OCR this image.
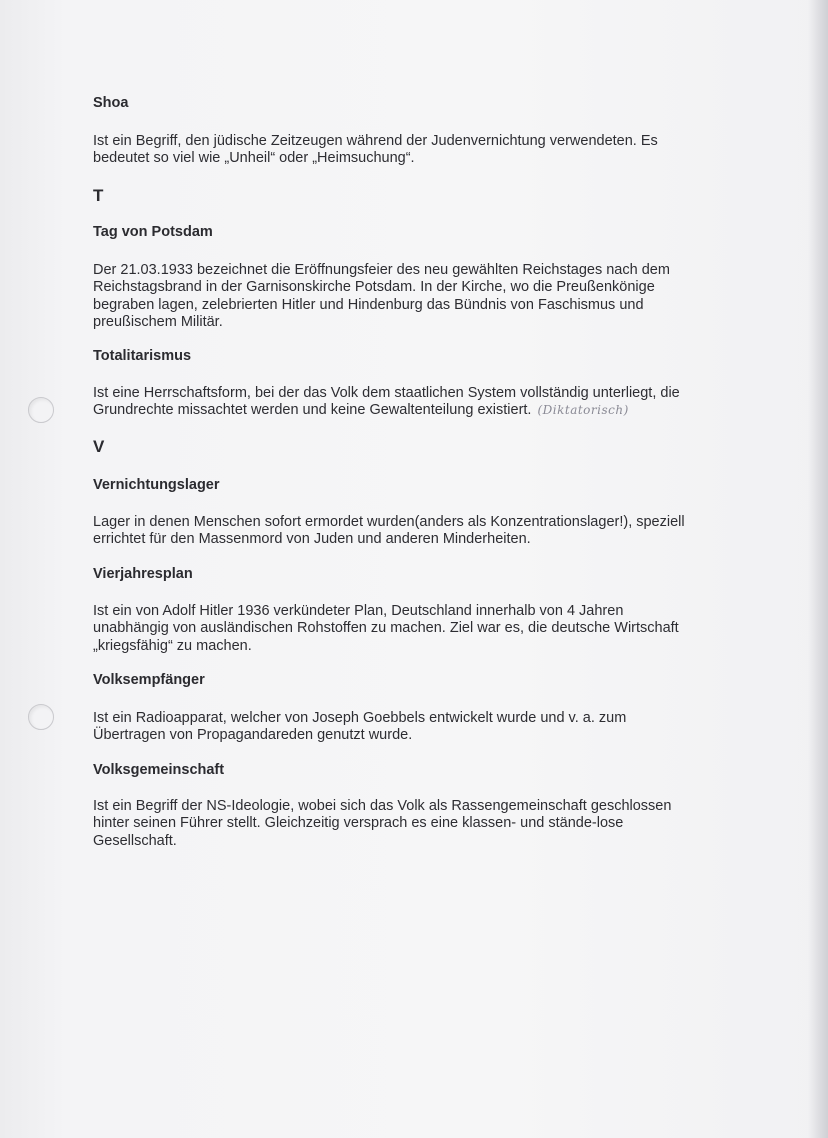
Shoa
Ist ein Begriff, den jüdische Zeitzeugen während der Judenvernichtung verwendeten. Es
bedeutet so viel wie „Unheil“ oder „Heimsuchung“.
T
Tag von Potsdam
Der 21.03.1933 bezeichnet die Eröffnungsfeier des neu gewählten Reichstages nach dem
Reichstagsbrand in der Garnisonskirche Potsdam. In der Kirche, wo die Preußenkönige
begraben lagen, zelebrierten Hitler und Hindenburg das Bündnis von Faschismus und
preußischem Militär.
Totalitarismus
Ist eine Herrschaftsform, bei der das Volk dem staatlichen System vollständig unterliegt, die
Grundrechte missachtet werden und keine Gewaltenteilung existiert. (Diktatorisch)
V
Vernichtungslager
Lager in denen Menschen sofort ermordet wurden(anders als Konzentrationslager!), speziell
errichtet für den Massenmord von Juden und anderen Minderheiten.
Vierjahresplan
Ist ein von Adolf Hitler 1936 verkündeter Plan, Deutschland innerhalb von 4 Jahren
unabhängig von ausländischen Rohstoffen zu machen. Ziel war es, die deutsche Wirtschaft
„kriegsfähig“ zu machen.
Volksempfänger
Ist ein Radioapparat, welcher von Joseph Goebbels entwickelt wurde und v. a. zum
Übertragen von Propagandareden genutzt wurde.
Volksgemeinschaft
Ist ein Begriff der NS-Ideologie, wobei sich das Volk als Rassengemeinschaft geschlossen
hinter seinen Führer stellt. Gleichzeitig versprach es eine klassen- und stände-lose
Gesellschaft.
